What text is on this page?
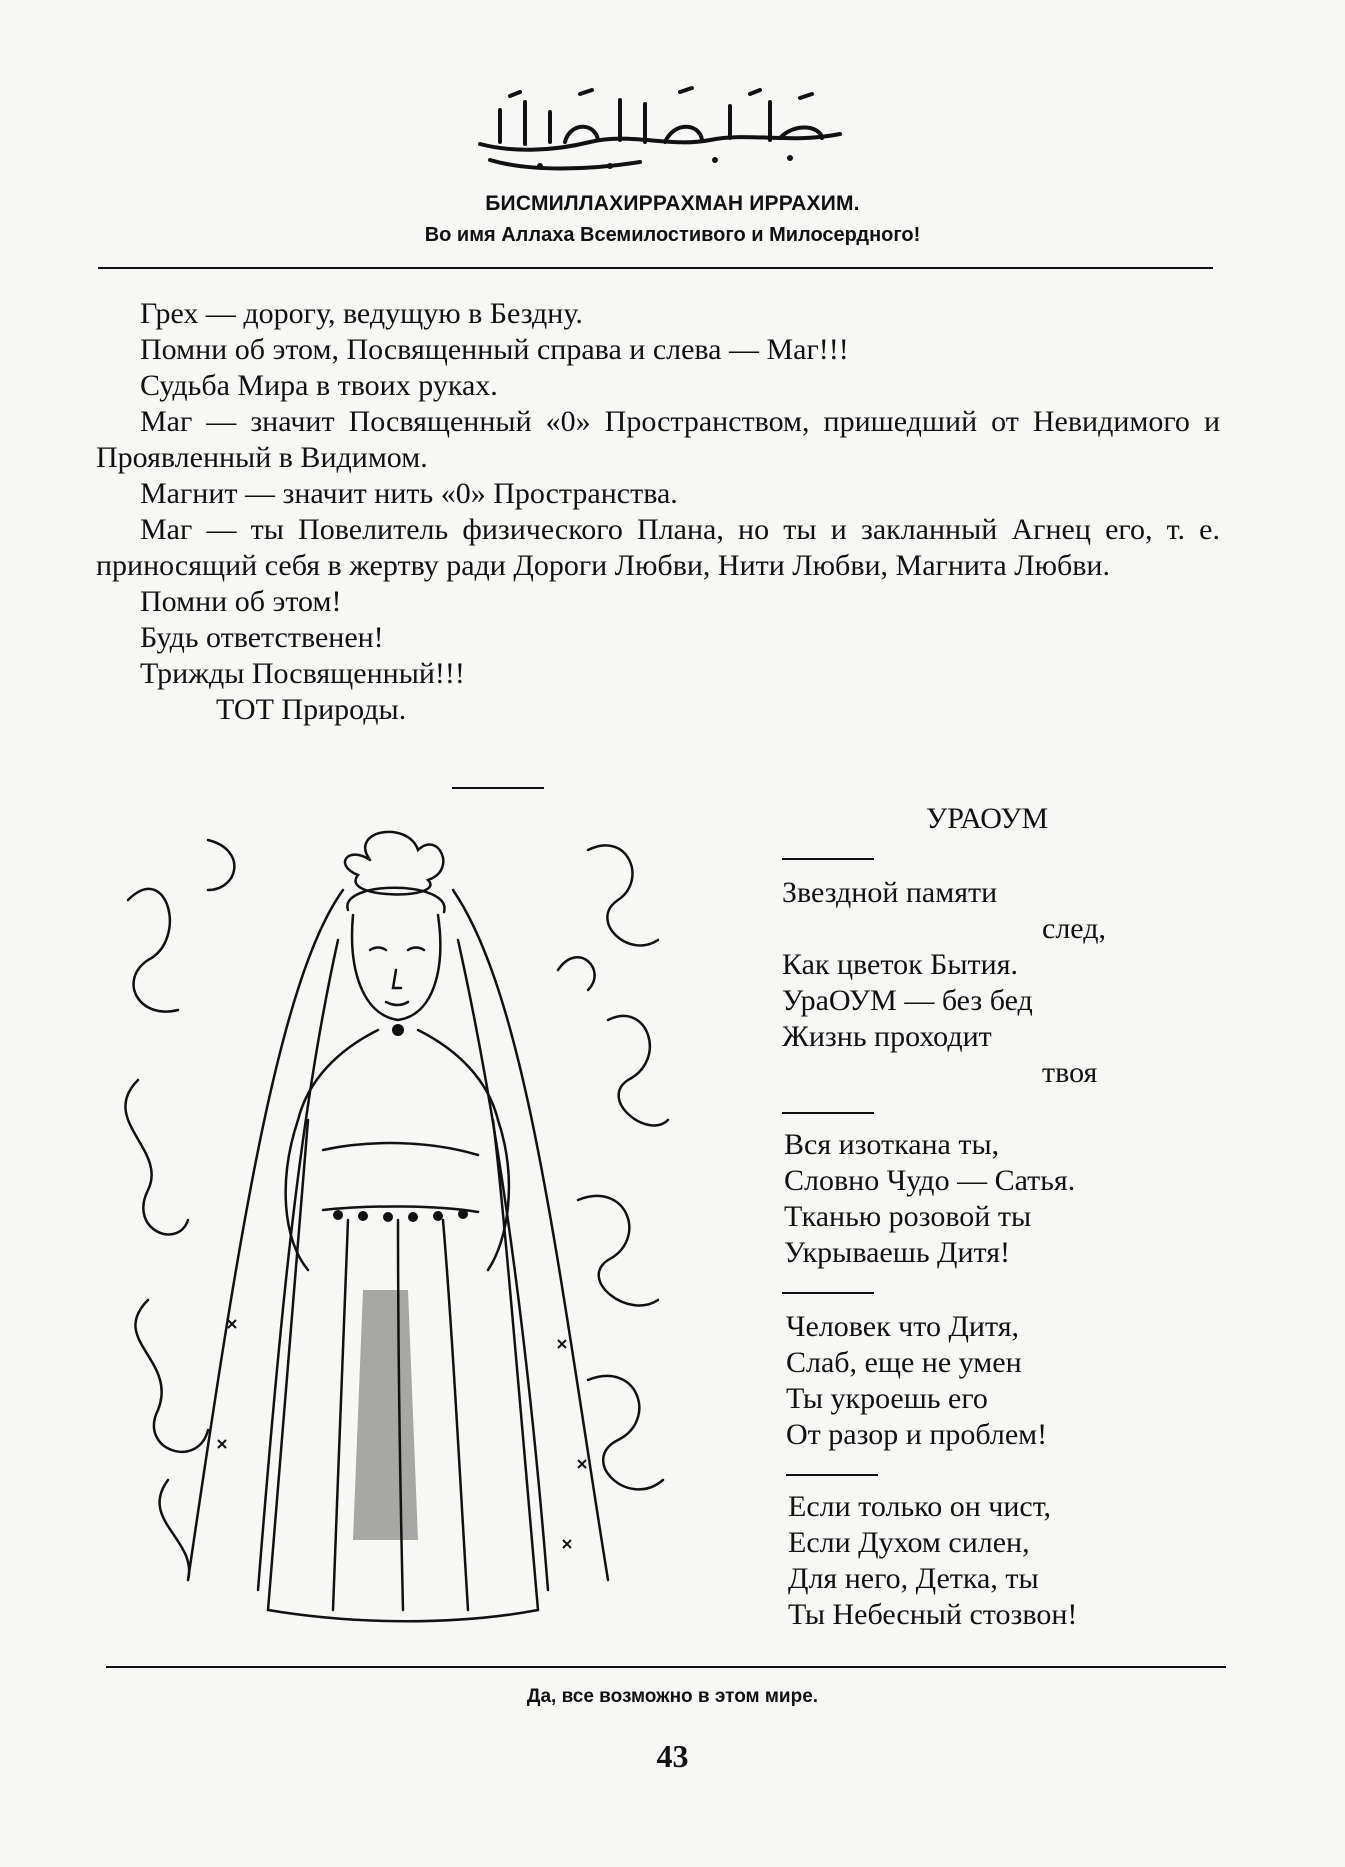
БИСМИЛЛАХИРРАХМАН ИРРАХИМ.
Во имя Аллаха Всемилостивого и Милосердного!

Грех — дорогу, ведущую в Бездну.

Помни об этом, Посвященный справа и слева — Маг!!!

Судьба Мира в твоих руках.

Маг — значит Посвященный «0» Пространством, пришедший от Невидимого и Проявленный в Видимом.

Магнит — значит нить «0» Пространства.

Маг — ты Повелитель физического Плана, но ты и закланный Агнец его, т. е. приносящий себя в жертву ради Дороги Любви, Нити Любви, Магнита Любви.

Помни об этом!

Будь ответственен!

Трижды Посвященный!!!

ТОТ Природы.

УРАОУМ
Звездной памяти
след,
Как цветок Бытия.
УраОУМ — без бед
Жизнь проходит
твоя
Вся изоткана ты,
Словно Чудо — Сатья.
Тканью розовой ты
Укрываешь Дитя!
Человек что Дитя,
Слаб, еще не умен
Ты укроешь его
От разор и проблем!
Если только он чист,
Если Духом силен,
Для него, Детка, ты
Ты Небесный стозвон!
Да, все возможно в этом мире.
43
